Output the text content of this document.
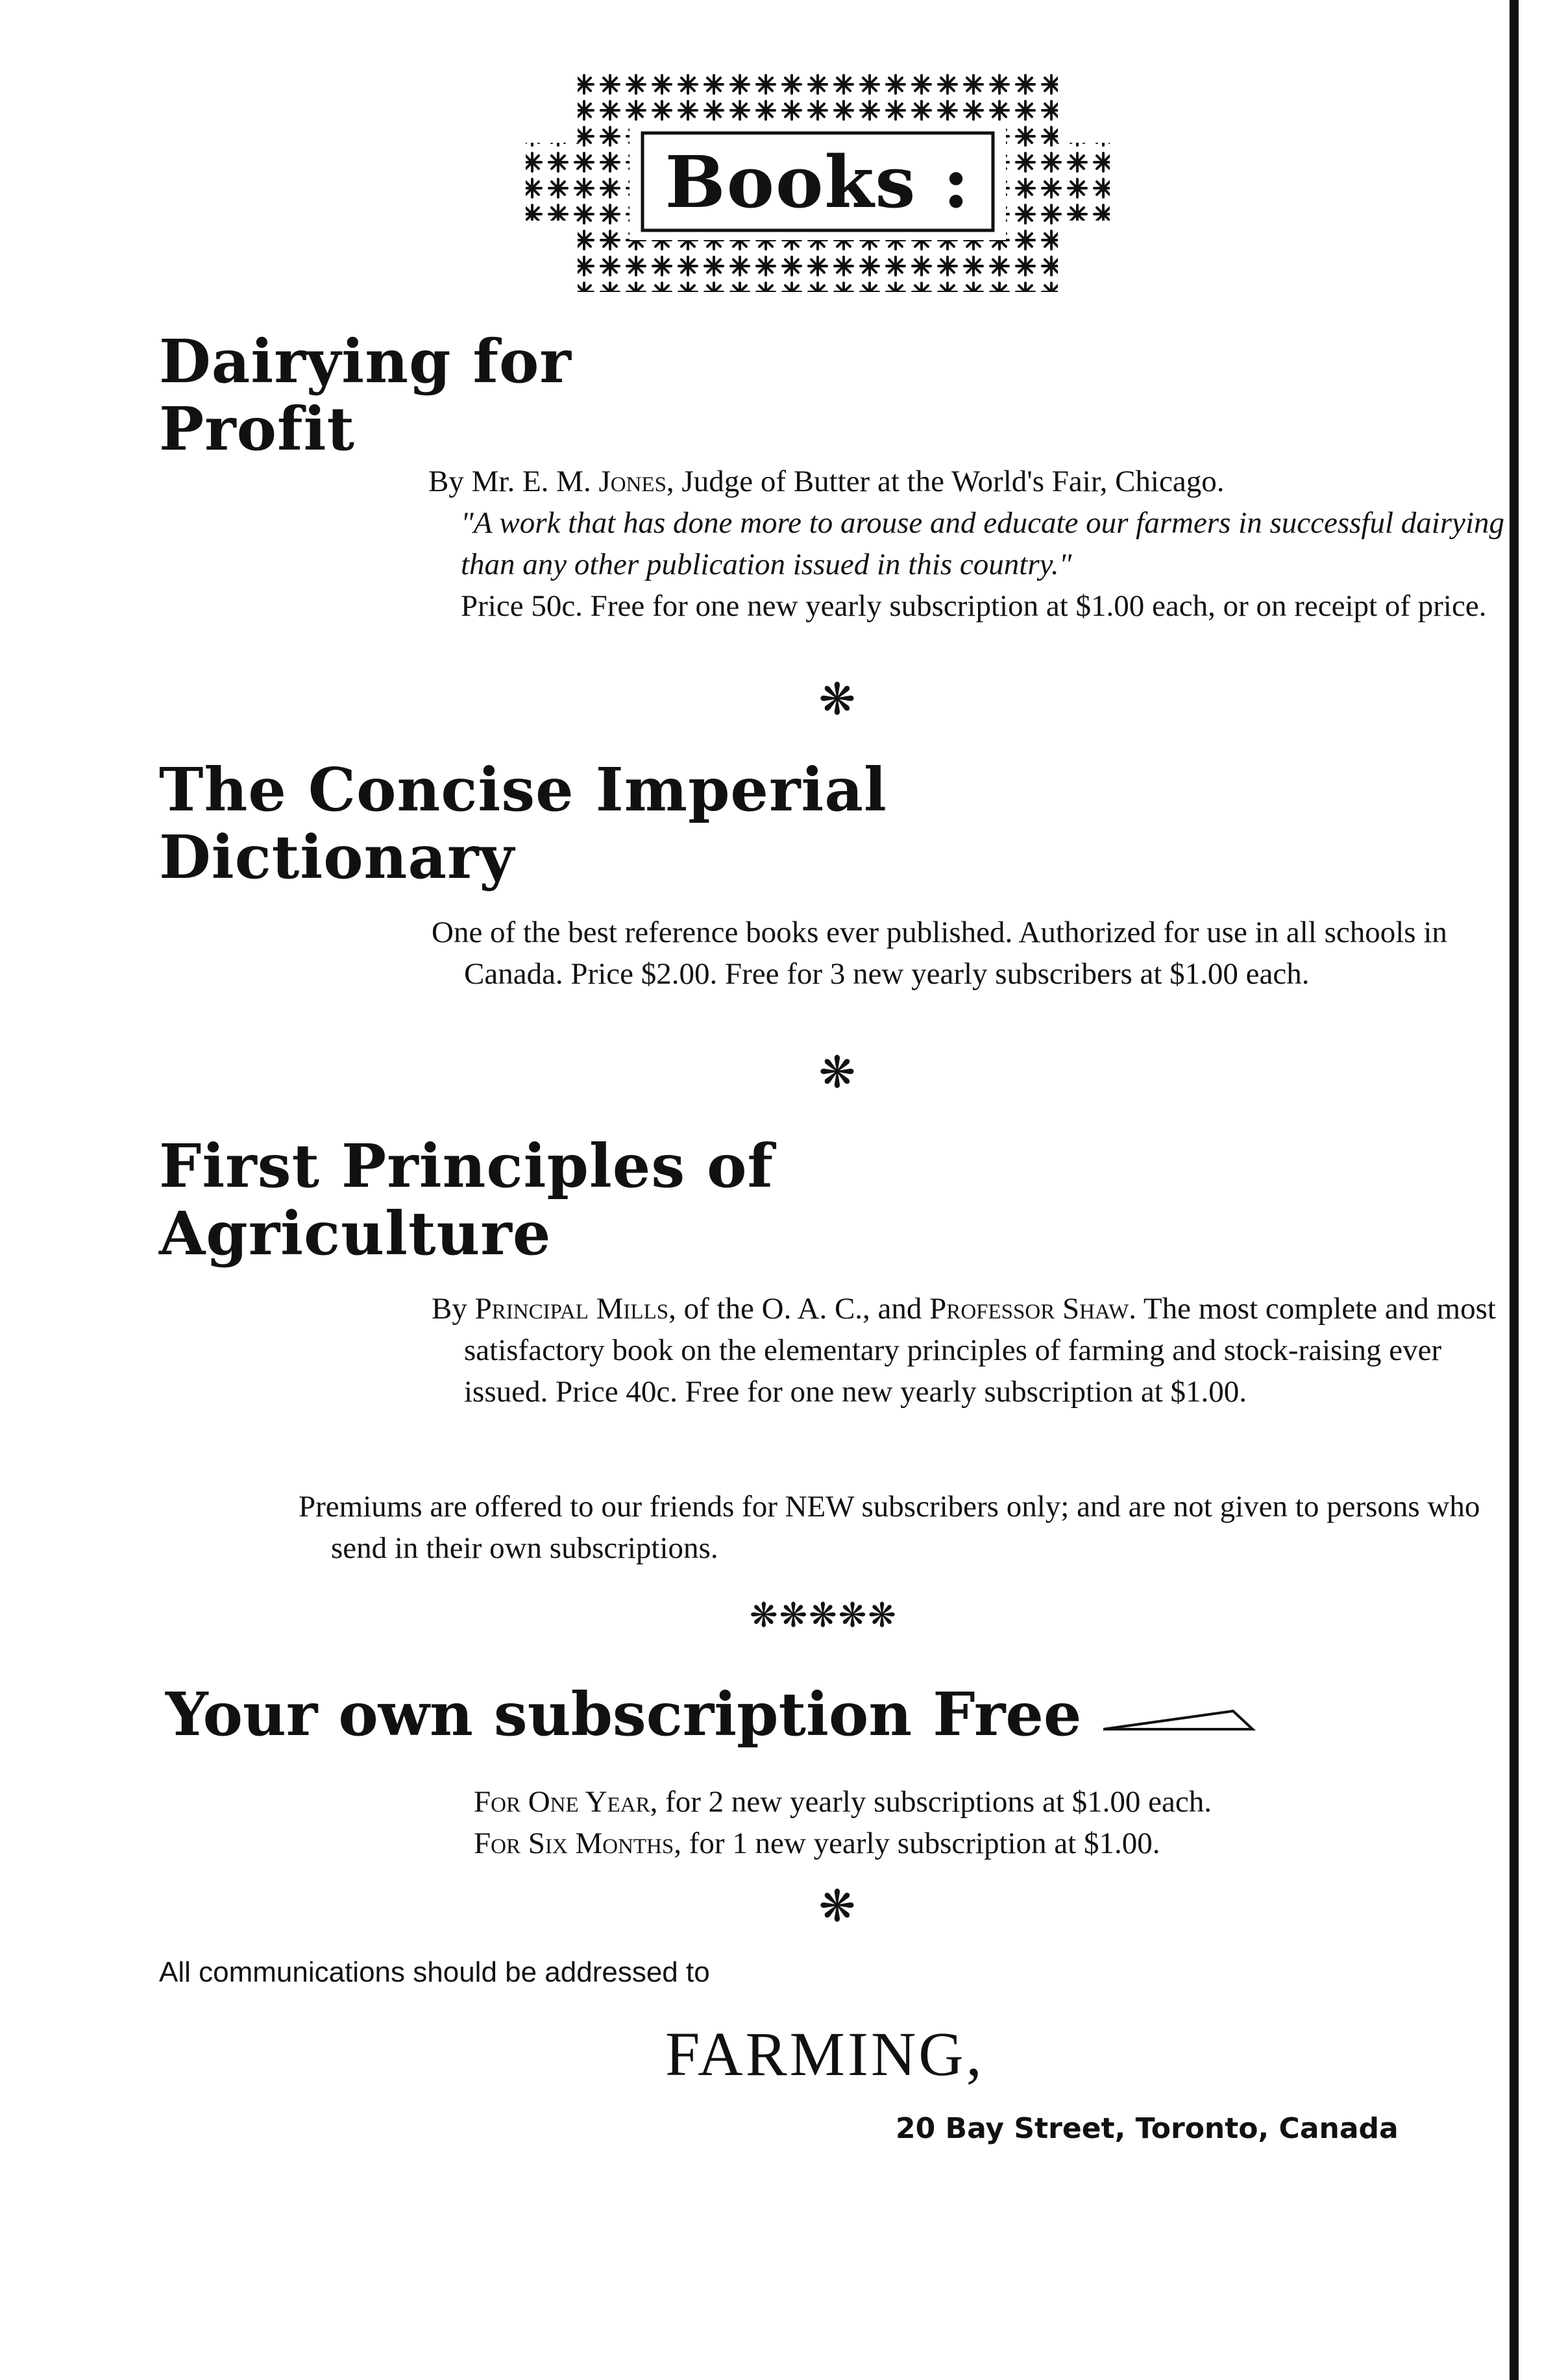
Books :
Dairying for
Profit

By Mr. E. M. Jones, Judge of Butter at the World's Fair, Chicago.

"A work that has done more to arouse and educate our farmers in successful dairying than any other publication issued in this country."

Price 50c. Free for one new yearly subscription at $1.00 each, or on receipt of price.

❋
The Concise Imperial
Dictionary

One of the best reference books ever published. Authorized for use in all schools in Canada. Price $2.00. Free for 3 new yearly subscribers at $1.00 each.

❋
First Principles of
Agriculture

By Principal Mills, of the O. A. C., and Professor Shaw. The most complete and most satisfactory book on the elementary principles of farming and stock-raising ever issued. Price 40c. Free for one new yearly subscription at $1.00.

Premiums are offered to our friends for NEW subscribers only; and are not given to persons who send in their own subscriptions.

❋❋❋❋❋
Your own subscription Free

For One Year, for 2 new yearly subscriptions at $1.00 each.

For Six Months, for 1 new yearly subscription at $1.00.

❋
All communications should be addressed to
FARMING,
20 Bay Street, Toronto, Canada
